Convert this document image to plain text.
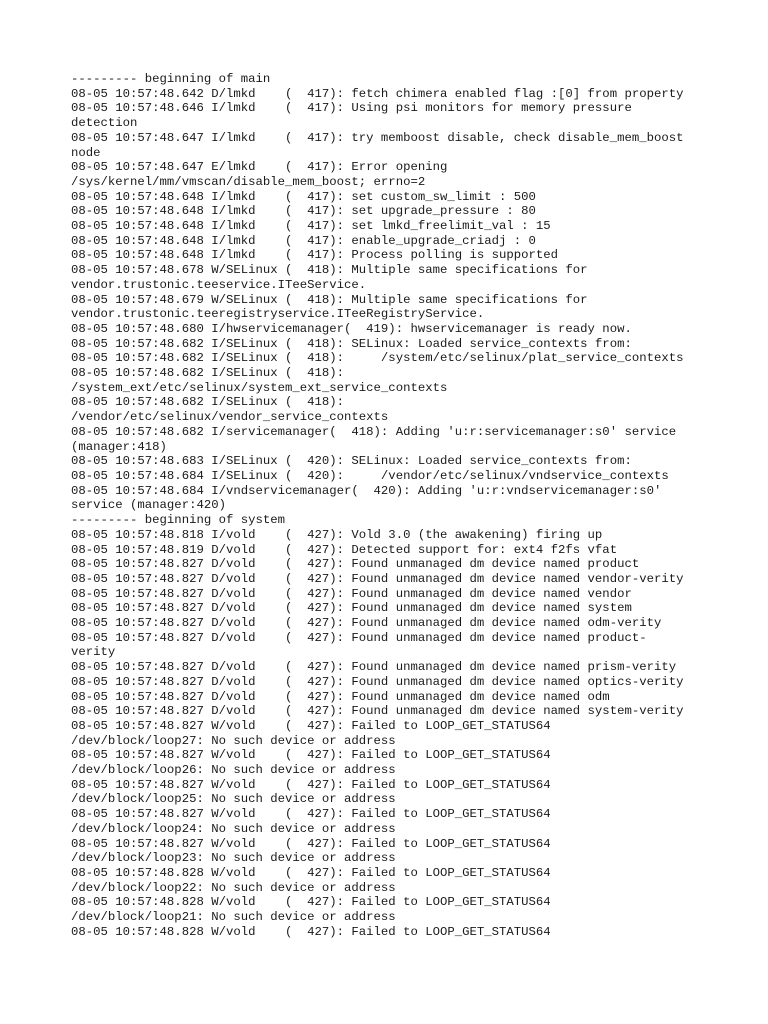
--------- beginning of main
08-05 10:57:48.642 D/lmkd    (  417): fetch chimera enabled flag :[0] from property
08-05 10:57:48.646 I/lmkd    (  417): Using psi monitors for memory pressure
detection
08-05 10:57:48.647 I/lmkd    (  417): try memboost disable, check disable_mem_boost
node
08-05 10:57:48.647 E/lmkd    (  417): Error opening
/sys/kernel/mm/vmscan/disable_mem_boost; errno=2
08-05 10:57:48.648 I/lmkd    (  417): set custom_sw_limit : 500
08-05 10:57:48.648 I/lmkd    (  417): set upgrade_pressure : 80
08-05 10:57:48.648 I/lmkd    (  417): set lmkd_freelimit_val : 15
08-05 10:57:48.648 I/lmkd    (  417): enable_upgrade_criadj : 0
08-05 10:57:48.648 I/lmkd    (  417): Process polling is supported
08-05 10:57:48.678 W/SELinux (  418): Multiple same specifications for
vendor.trustonic.teeservice.ITeeService.
08-05 10:57:48.679 W/SELinux (  418): Multiple same specifications for
vendor.trustonic.teeregistryservice.ITeeRegistryService.
08-05 10:57:48.680 I/hwservicemanager(  419): hwservicemanager is ready now.
08-05 10:57:48.682 I/SELinux (  418): SELinux: Loaded service_contexts from:
08-05 10:57:48.682 I/SELinux (  418):     /system/etc/selinux/plat_service_contexts
08-05 10:57:48.682 I/SELinux (  418):
/system_ext/etc/selinux/system_ext_service_contexts
08-05 10:57:48.682 I/SELinux (  418):
/vendor/etc/selinux/vendor_service_contexts
08-05 10:57:48.682 I/servicemanager(  418): Adding 'u:r:servicemanager:s0' service
(manager:418)
08-05 10:57:48.683 I/SELinux (  420): SELinux: Loaded service_contexts from:
08-05 10:57:48.684 I/SELinux (  420):     /vendor/etc/selinux/vndservice_contexts
08-05 10:57:48.684 I/vndservicemanager(  420): Adding 'u:r:vndservicemanager:s0'
service (manager:420)
--------- beginning of system
08-05 10:57:48.818 I/vold    (  427): Vold 3.0 (the awakening) firing up
08-05 10:57:48.819 D/vold    (  427): Detected support for: ext4 f2fs vfat
08-05 10:57:48.827 D/vold    (  427): Found unmanaged dm device named product
08-05 10:57:48.827 D/vold    (  427): Found unmanaged dm device named vendor-verity
08-05 10:57:48.827 D/vold    (  427): Found unmanaged dm device named vendor
08-05 10:57:48.827 D/vold    (  427): Found unmanaged dm device named system
08-05 10:57:48.827 D/vold    (  427): Found unmanaged dm device named odm-verity
08-05 10:57:48.827 D/vold    (  427): Found unmanaged dm device named product-
verity
08-05 10:57:48.827 D/vold    (  427): Found unmanaged dm device named prism-verity
08-05 10:57:48.827 D/vold    (  427): Found unmanaged dm device named optics-verity
08-05 10:57:48.827 D/vold    (  427): Found unmanaged dm device named odm
08-05 10:57:48.827 D/vold    (  427): Found unmanaged dm device named system-verity
08-05 10:57:48.827 W/vold    (  427): Failed to LOOP_GET_STATUS64
/dev/block/loop27: No such device or address
08-05 10:57:48.827 W/vold    (  427): Failed to LOOP_GET_STATUS64
/dev/block/loop26: No such device or address
08-05 10:57:48.827 W/vold    (  427): Failed to LOOP_GET_STATUS64
/dev/block/loop25: No such device or address
08-05 10:57:48.827 W/vold    (  427): Failed to LOOP_GET_STATUS64
/dev/block/loop24: No such device or address
08-05 10:57:48.827 W/vold    (  427): Failed to LOOP_GET_STATUS64
/dev/block/loop23: No such device or address
08-05 10:57:48.828 W/vold    (  427): Failed to LOOP_GET_STATUS64
/dev/block/loop22: No such device or address
08-05 10:57:48.828 W/vold    (  427): Failed to LOOP_GET_STATUS64
/dev/block/loop21: No such device or address
08-05 10:57:48.828 W/vold    (  427): Failed to LOOP_GET_STATUS64
